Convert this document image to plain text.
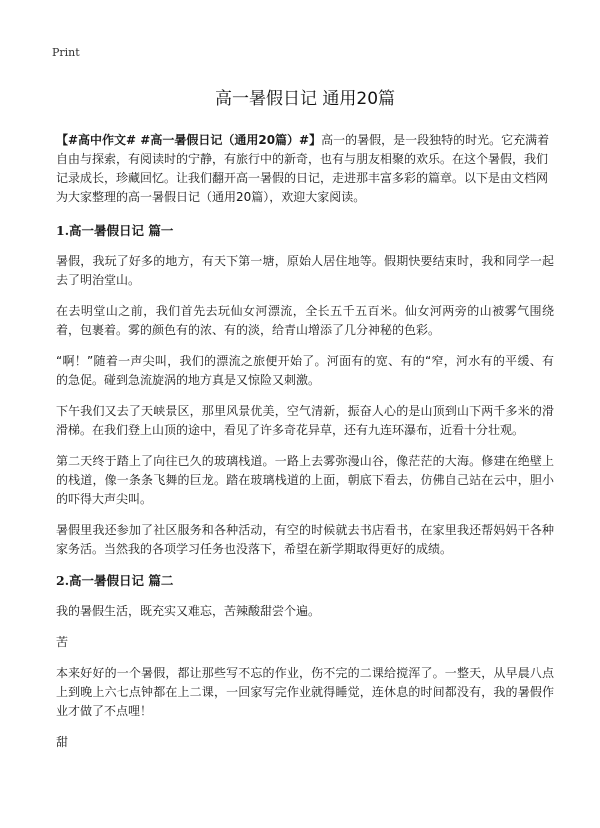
Print
高一暑假日记 通用20篇

【#高中作文# #高一暑假日记（通用20篇）#】高一的暑假，是一段独特的时光。它充满着自由与探索，有阅读时的宁静，有旅行中的新奇，也有与朋友相聚的欢乐。在这个暑假，我们记录成长，珍藏回忆。让我们翻开高一暑假的日记，走进那丰富多彩的篇章。以下是由文档网为大家整理的高一暑假日记（通用20篇），欢迎大家阅读。

1.高一暑假日记 篇一

暑假，我玩了好多的地方，有天下第一塘，原始人居住地等。假期快要结束时，我和同学一起去了明治堂山。

在去明堂山之前，我们首先去玩仙女河漂流，全长五千五百米。仙女河两旁的山被雾气围绕着，包裹着。雾的颜色有的浓、有的淡，给青山增添了几分神秘的色彩。

“啊！”随着一声尖叫，我们的漂流之旅便开始了。河面有的宽、有的“窄，河水有的平缓、有的急促。碰到急流旋涡的地方真是又惊险又刺激。

下午我们又去了天峡景区，那里风景优美，空气清新，振奋人心的是山顶到山下两千多米的滑滑梯。在我们登上山顶的途中，看见了许多奇花异草，还有九连环瀑布，近看十分壮观。

第二天终于踏上了向往已久的玻璃栈道。一路上去雾弥漫山谷，像茫茫的大海。修建在绝壁上的栈道，像一条条飞舞的巨龙。踏在玻璃栈道的上面，朝底下看去，仿佛自己站在云中，胆小的吓得大声尖叫。

暑假里我还参加了社区服务和各种活动，有空的时候就去书店看书，在家里我还帮妈妈干各种家务活。当然我的各项学习任务也没落下，希望在新学期取得更好的成绩。

2.高一暑假日记 篇二

我的暑假生活，既充实又难忘，苦辣酸甜尝个遍。

苦

本来好好的一个暑假，都让那些写不忘的作业，伤不完的二课给搅浑了。一整天，从早晨八点上到晚上六七点钟都在上二课，一回家写完作业就得睡觉，连休息的时间都没有，我的暑假作业才做了不点哩！

甜
